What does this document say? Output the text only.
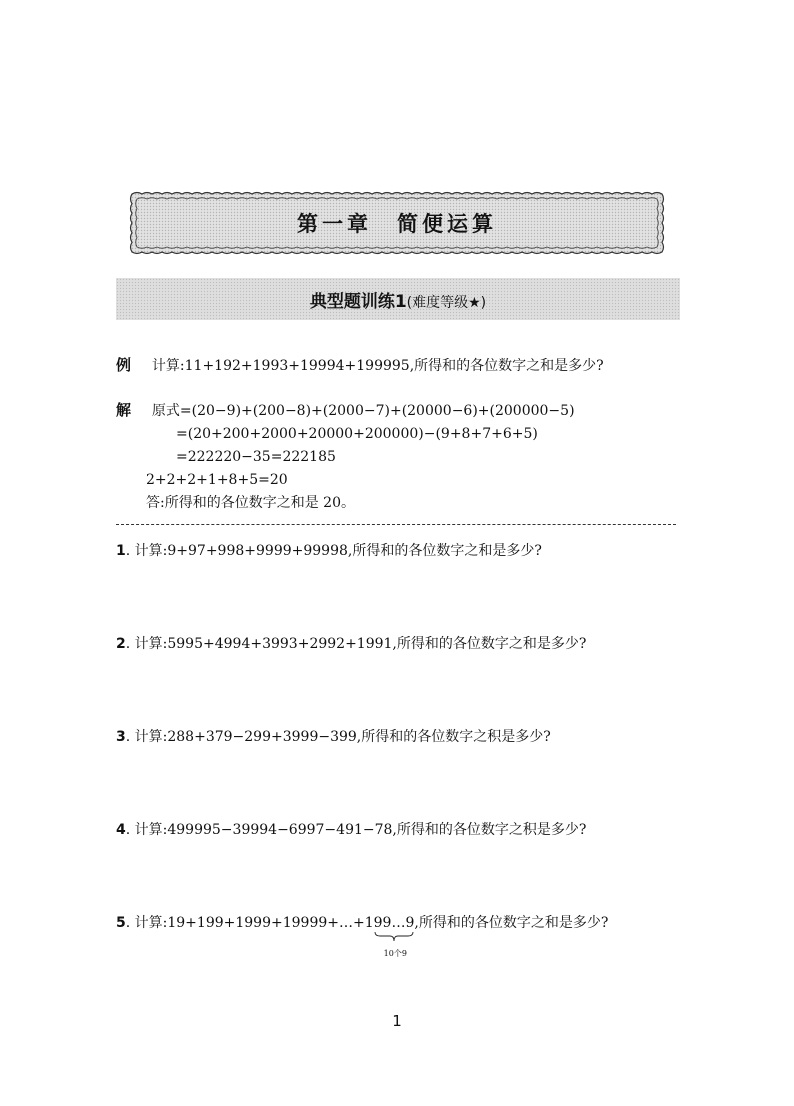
第一章　简便运算
典型题训练1(难度等级★)
例 计算:11+192+1993+19994+199995,所得和的各位数字之和是多少?
解 原式=(20−9)+(200−8)+(2000−7)+(20000−6)+(200000−5)
=(20+200+2000+20000+200000)−(9+8+7+6+5)
=222220−35=222185
2+2+2+1+8+5=20
答:所得和的各位数字之和是 20。
1. 计算:9+97+998+9999+99998,所得和的各位数字之和是多少?
2. 计算:5995+4994+3993+2992+1991,所得和的各位数字之和是多少?
3. 计算:288+379−299+3999−399,所得和的各位数字之积是多少?
4. 计算:499995−39994−6997−491−78,所得和的各位数字之积是多少?
5. 计算:19+199+1999+19999+…+199…9
10个9
,所得和的各位数字之和是多少?
1
